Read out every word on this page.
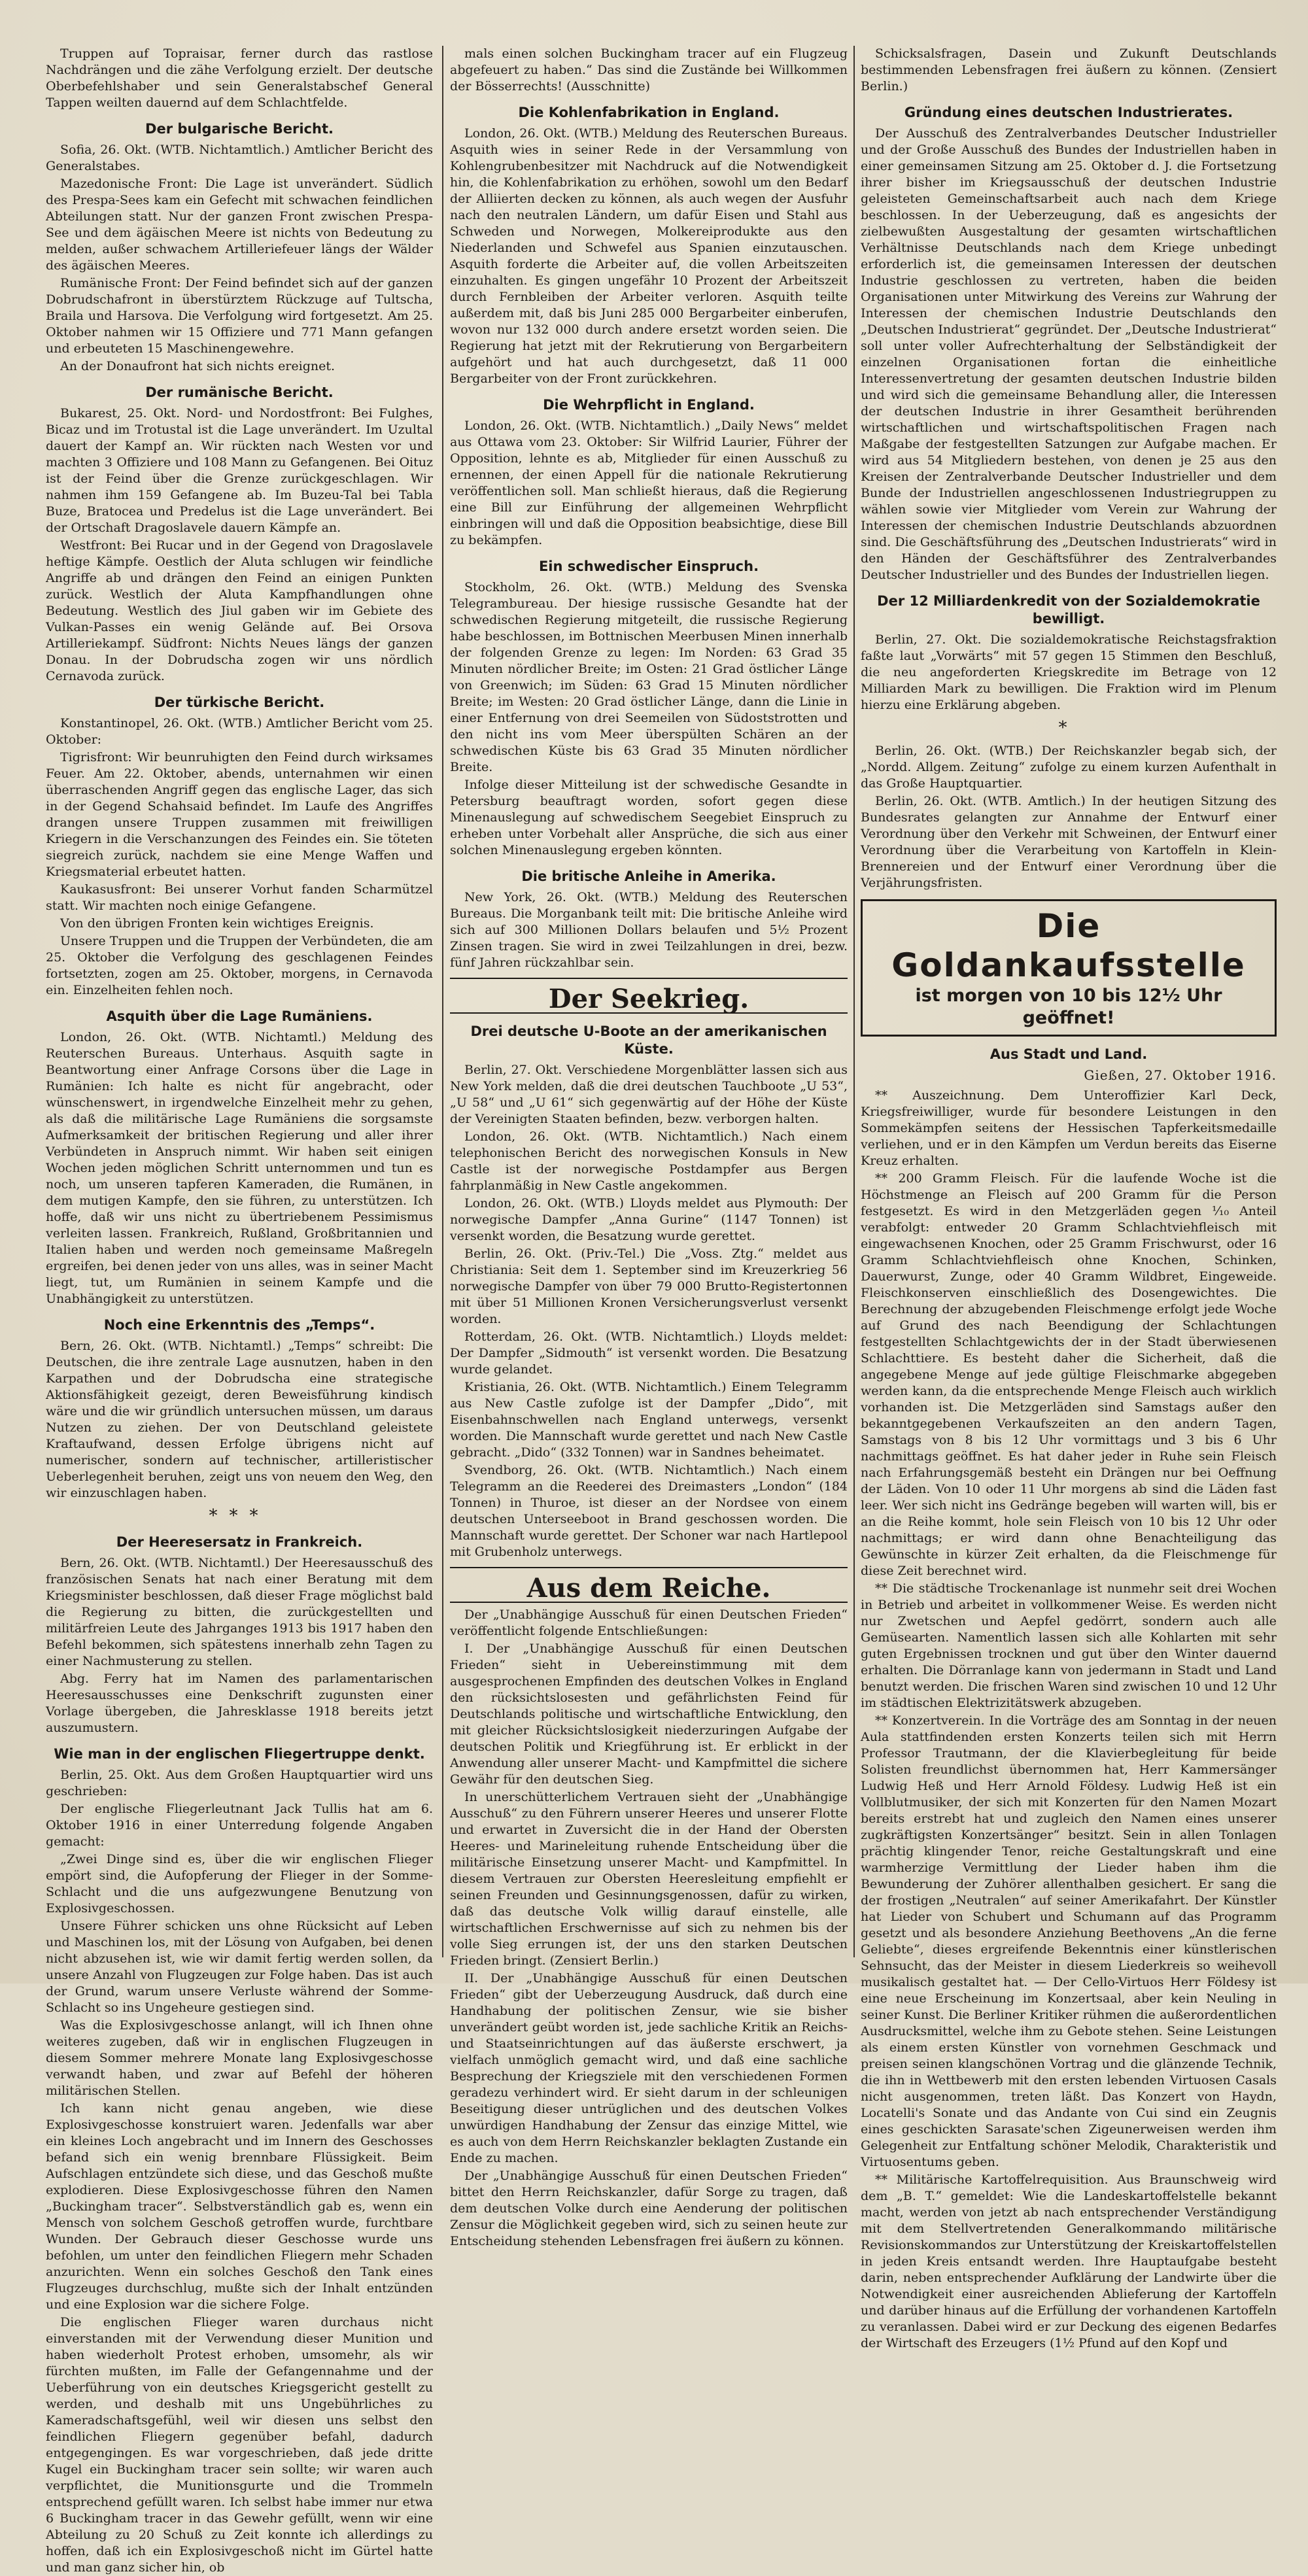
Truppen auf Topraisar, ferner durch das rastlose Nachdrängen und die zähe Verfolgung erzielt. Der deutsche Oberbefehlshaber und sein Generalstabschef General Tappen weilten dauernd auf dem Schlachtfelde.

Der bulgarische Bericht.

Sofia, 26. Okt. (WTB. Nichtamtlich.) Amtlicher Bericht des Generalstabes.

Mazedonische Front: Die Lage ist unverändert. Südlich des Prespa-Sees kam ein Gefecht mit schwachen feindlichen Abteilungen statt. Nur der ganzen Front zwischen Prespa-See und dem ägäischen Meere ist nichts von Bedeutung zu melden, außer schwachem Artilleriefeuer längs der Wälder des ägäischen Meeres.

Rumänische Front: Der Feind befindet sich auf der ganzen Dobrudschafront in überstürztem Rückzuge auf Tultscha, Braila und Harsova. Die Verfolgung wird fortgesetzt. Am 25. Oktober nahmen wir 15 Offiziere und 771 Mann gefangen und erbeuteten 15 Maschinengewehre.

An der Donaufront hat sich nichts ereignet.

Der rumänische Bericht.

Bukarest, 25. Okt. Nord- und Nordostfront: Bei Fulghes, Bicaz und im Trotustal ist die Lage unverändert. Im Uzultal dauert der Kampf an. Wir rückten nach Westen vor und machten 3 Offiziere und 108 Mann zu Gefangenen. Bei Oituz ist der Feind über die Grenze zurückgeschlagen. Wir nahmen ihm 159 Gefangene ab. Im Buzeu-Tal bei Tabla Buze, Bratocea und Predelus ist die Lage unverändert. Bei der Ortschaft Dragoslavele dauern Kämpfe an.

Westfront: Bei Rucar und in der Gegend von Dragoslavele heftige Kämpfe. Oestlich der Aluta schlugen wir feindliche Angriffe ab und drängen den Feind an einigen Punkten zurück. Westlich der Aluta Kampfhandlungen ohne Bedeutung. Westlich des Jiul gaben wir im Gebiete des Vulkan-Passes ein wenig Gelände auf. Bei Orsova Artilleriekampf. Südfront: Nichts Neues längs der ganzen Donau. In der Dobrudscha zogen wir uns nördlich Cernavoda zurück.

Der türkische Bericht.

Konstantinopel, 26. Okt. (WTB.) Amtlicher Bericht vom 25. Oktober:

Tigrisfront: Wir beunruhigten den Feind durch wirksames Feuer. Am 22. Oktober, abends, unternahmen wir einen überraschenden Angriff gegen das englische Lager, das sich in der Gegend Schahsaid befindet. Im Laufe des Angriffes drangen unsere Truppen zusammen mit freiwilligen Kriegern in die Verschanzungen des Feindes ein. Sie töteten siegreich zurück, nachdem sie eine Menge Waffen und Kriegsmaterial erbeutet hatten.

Kaukasusfront: Bei unserer Vorhut fanden Scharmützel statt. Wir machten noch einige Gefangene.

Von den übrigen Fronten kein wichtiges Ereignis.

Unsere Truppen und die Truppen der Verbündeten, die am 25. Oktober die Verfolgung des geschlagenen Feindes fortsetzten, zogen am 25. Oktober, morgens, in Cernavoda ein. Einzelheiten fehlen noch.

Asquith über die Lage Rumäniens.

London, 26. Okt. (WTB. Nichtamtl.) Meldung des Reuterschen Bureaus. Unterhaus. Asquith sagte in Beantwortung einer Anfrage Corsons über die Lage in Rumänien: Ich halte es nicht für angebracht, oder wünschenswert, in irgendwelche Einzelheit mehr zu gehen, als daß die militärische Lage Rumäniens die sorgsamste Aufmerksamkeit der britischen Regierung und aller ihrer Verbündeten in Anspruch nimmt. Wir haben seit einigen Wochen jeden möglichen Schritt unternommen und tun es noch, um unseren tapferen Kameraden, die Rumänen, in dem mutigen Kampfe, den sie führen, zu unterstützen. Ich hoffe, daß wir uns nicht zu übertriebenem Pessimismus verleiten lassen. Frankreich, Rußland, Großbritannien und Italien haben und werden noch gemeinsame Maßregeln ergreifen, bei denen jeder von uns alles, was in seiner Macht liegt, tut, um Rumänien in seinem Kampfe und die Unabhängigkeit zu unterstützen.

Noch eine Erkenntnis des „Temps“.

Bern, 26. Okt. (WTB. Nichtamtl.) „Temps“ schreibt: Die Deutschen, die ihre zentrale Lage ausnutzen, haben in den Karpathen und der Dobrudscha eine strategische Aktionsfähigkeit gezeigt, deren Beweisführung kindisch wäre und die wir gründlich untersuchen müssen, um daraus Nutzen zu ziehen. Der von Deutschland geleistete Kraftaufwand, dessen Erfolge übrigens nicht auf numerischer, sondern auf technischer, artilleristischer Ueberlegenheit beruhen, zeigt uns von neuem den Weg, den wir einzuschlagen haben.

***
Der Heeresersatz in Frankreich.

Bern, 26. Okt. (WTB. Nichtamtl.) Der Heeresausschuß des französischen Senats hat nach einer Beratung mit dem Kriegsminister beschlossen, daß dieser Frage möglichst bald die Regierung zu bitten, die zurückgestellten und militärfreien Leute des Jahrganges 1913 bis 1917 haben den Befehl bekommen, sich spätestens innerhalb zehn Tagen zu einer Nachmusterung zu stellen.

Abg. Ferry hat im Namen des parlamentarischen Heeresausschusses eine Denkschrift zugunsten einer Vorlage übergeben, die Jahresklasse 1918 bereits jetzt auszumustern.

Wie man in der englischen Fliegertruppe denkt.

Berlin, 25. Okt. Aus dem Großen Hauptquartier wird uns geschrieben:

Der englische Fliegerleutnant Jack Tullis hat am 6. Oktober 1916 in einer Unterredung folgende Angaben gemacht:

„Zwei Dinge sind es, über die wir englischen Flieger empört sind, die Aufopferung der Flieger in der Somme-Schlacht und die uns aufgezwungene Benutzung von Explosivgeschossen.

Unsere Führer schicken uns ohne Rücksicht auf Leben und Maschinen los, mit der Lösung von Aufgaben, bei denen nicht abzusehen ist, wie wir damit fertig werden sollen, da unsere Anzahl von Flugzeugen zur Folge haben. Das ist auch der Grund, warum unsere Verluste während der Somme-Schlacht so ins Ungeheure gestiegen sind.

Was die Explosivgeschosse anlangt, will ich Ihnen ohne weiteres zugeben, daß wir in englischen Flugzeugen in diesem Sommer mehrere Monate lang Explosivgeschosse verwandt haben, und zwar auf Befehl der höheren militärischen Stellen.

Ich kann nicht genau angeben, wie diese Explosivgeschosse konstruiert waren. Jedenfalls war aber ein kleines Loch angebracht und im Innern des Geschosses befand sich ein wenig brennbare Flüssigkeit. Beim Aufschlagen entzündete sich diese, und das Geschoß mußte explodieren. Diese Explosivgeschosse führen den Namen „Buckingham tracer“. Selbstverständlich gab es, wenn ein Mensch von solchem Geschoß getroffen wurde, furchtbare Wunden. Der Gebrauch dieser Geschosse wurde uns befohlen, um unter den feindlichen Fliegern mehr Schaden anzurichten. Wenn ein solches Geschoß den Tank eines Flugzeuges durchschlug, mußte sich der Inhalt entzünden und eine Explosion war die sichere Folge.

Die englischen Flieger waren durchaus nicht einverstanden mit der Verwendung dieser Munition und haben wiederholt Protest erhoben, umsomehr, als wir fürchten mußten, im Falle der Gefangennahme und der Ueberführung von ein deutsches Kriegsgericht gestellt zu werden, und deshalb mit uns Ungebührliches zu Kameradschaftsgefühl, weil wir diesen uns selbst den feindlichen Fliegern gegenüber befahl, dadurch entgegengingen. Es war vorgeschrieben, daß jede dritte Kugel ein Buckingham tracer sein sollte; wir waren auch verpflichtet, die Munitionsgurte und die Trommeln entsprechend gefüllt waren. Ich selbst habe immer nur etwa 6 Buckingham tracer in das Gewehr gefüllt, wenn wir eine Abteilung zu 20 Schuß zu Zeit konnte ich allerdings zu hoffen, daß ich ein Explosivgeschoß nicht im Gürtel hatte und man ganz sicher hin, ob

mals einen solchen Buckingham tracer auf ein Flugzeug abgefeuert zu haben.“ Das sind die Zustände bei Willkommen der Bösserrechts! (Ausschnitte)

Die Kohlenfabrikation in England.

London, 26. Okt. (WTB.) Meldung des Reuterschen Bureaus. Asquith wies in seiner Rede in der Versammlung von Kohlengrubenbesitzer mit Nachdruck auf die Notwendigkeit hin, die Kohlenfabrikation zu erhöhen, sowohl um den Bedarf der Alliierten decken zu können, als auch wegen der Ausfuhr nach den neutralen Ländern, um dafür Eisen und Stahl aus Schweden und Norwegen, Molkereiprodukte aus den Niederlanden und Schwefel aus Spanien einzutauschen. Asquith forderte die Arbeiter auf, die vollen Arbeitszeiten einzuhalten. Es gingen ungefähr 10 Prozent der Arbeitszeit durch Fernbleiben der Arbeiter verloren. Asquith teilte außerdem mit, daß bis Juni 285 000 Bergarbeiter einberufen, wovon nur 132 000 durch andere ersetzt worden seien. Die Regierung hat jetzt mit der Rekrutierung von Bergarbeitern aufgehört und hat auch durchgesetzt, daß 11 000 Bergarbeiter von der Front zurückkehren.

Die Wehrpflicht in England.

London, 26. Okt. (WTB. Nichtamtlich.) „Daily News“ meldet aus Ottawa vom 23. Oktober: Sir Wilfrid Laurier, Führer der Opposition, lehnte es ab, Mitglieder für einen Ausschuß zu ernennen, der einen Appell für die nationale Rekrutierung veröffentlichen soll. Man schließt hieraus, daß die Regierung eine Bill zur Einführung der allgemeinen Wehrpflicht einbringen will und daß die Opposition beabsichtige, diese Bill zu bekämpfen.

Ein schwedischer Einspruch.

Stockholm, 26. Okt. (WTB.) Meldung des Svenska Telegrambureau. Der hiesige russische Gesandte hat der schwedischen Regierung mitgeteilt, die russische Regierung habe beschlossen, im Bottnischen Meerbusen Minen innerhalb der folgenden Grenze zu legen: Im Norden: 63 Grad 35 Minuten nördlicher Breite; im Osten: 21 Grad östlicher Länge von Greenwich; im Süden: 63 Grad 15 Minuten nördlicher Breite; im Westen: 20 Grad östlicher Länge, dann die Linie in einer Entfernung von drei Seemeilen von Südoststrotten und den nicht ins vom Meer überspülten Schären an der schwedischen Küste bis 63 Grad 35 Minuten nördlicher Breite.

Infolge dieser Mitteilung ist der schwedische Gesandte in Petersburg beauftragt worden, sofort gegen diese Minenauslegung auf schwedischem Seegebiet Einspruch zu erheben unter Vorbehalt aller Ansprüche, die sich aus einer solchen Minenauslegung ergeben könnten.

Die britische Anleihe in Amerika.

New York, 26. Okt. (WTB.) Meldung des Reuterschen Bureaus. Die Morganbank teilt mit: Die britische Anleihe wird sich auf 300 Millionen Dollars belaufen und 5½ Prozent Zinsen tragen. Sie wird in zwei Teilzahlungen in drei, bezw. fünf Jahren rückzahlbar sein.

Der Seekrieg.
Drei deutsche U-Boote an der amerikanischen Küste.

Berlin, 27. Okt. Verschiedene Morgenblätter lassen sich aus New York melden, daß die drei deutschen Tauchboote „U 53“, „U 58“ und „U 61“ sich gegenwärtig auf der Höhe der Küste der Vereinigten Staaten befinden, bezw. verborgen halten.

London, 26. Okt. (WTB. Nichtamtlich.) Nach einem telephonischen Bericht des norwegischen Konsuls in New Castle ist der norwegische Postdampfer aus Bergen fahrplanmäßig in New Castle angekommen.

London, 26. Okt. (WTB.) Lloyds meldet aus Plymouth: Der norwegische Dampfer „Anna Gurine“ (1147 Tonnen) ist versenkt worden, die Besatzung wurde gerettet.

Berlin, 26. Okt. (Priv.-Tel.) Die „Voss. Ztg.“ meldet aus Christiania: Seit dem 1. September sind im Kreuzerkrieg 56 norwegische Dampfer von über 79 000 Brutto-Registertonnen mit über 51 Millionen Kronen Versicherungsverlust versenkt worden.

Rotterdam, 26. Okt. (WTB. Nichtamtlich.) Lloyds meldet: Der Dampfer „Sidmouth“ ist versenkt worden. Die Besatzung wurde gelandet.

Kristiania, 26. Okt. (WTB. Nichtamtlich.) Einem Telegramm aus New Castle zufolge ist der Dampfer „Dido“, mit Eisenbahnschwellen nach England unterwegs, versenkt worden. Die Mannschaft wurde gerettet und nach New Castle gebracht. „Dido“ (332 Tonnen) war in Sandnes beheimatet.

Svendborg, 26. Okt. (WTB. Nichtamtlich.) Nach einem Telegramm an die Reederei des Dreimasters „London“ (184 Tonnen) in Thuroe, ist dieser an der Nordsee von einem deutschen Unterseeboot in Brand geschossen worden. Die Mannschaft wurde gerettet. Der Schoner war nach Hartlepool mit Grubenholz unterwegs.

Aus dem Reiche.

Der „Unabhängige Ausschuß für einen Deutschen Frieden“ veröffentlicht folgende Entschließungen:

I. Der „Unabhängige Ausschuß für einen Deutschen Frieden“ sieht in Uebereinstimmung mit dem ausgesprochenen Empfinden des deutschen Volkes in England den rücksichtslosesten und gefährlichsten Feind für Deutschlands politische und wirtschaftliche Entwicklung, den mit gleicher Rücksichtslosigkeit niederzuringen Aufgabe der deutschen Politik und Kriegführung ist. Er erblickt in der Anwendung aller unserer Macht- und Kampfmittel die sichere Gewähr für den deutschen Sieg.

In unerschütterlichem Vertrauen sieht der „Unabhängige Ausschuß“ zu den Führern unserer Heeres und unserer Flotte und erwartet in Zuversicht die in der Hand der Obersten Heeres- und Marineleitung ruhende Entscheidung über die militärische Einsetzung unserer Macht- und Kampfmittel. In diesem Vertrauen zur Obersten Heeresleitung empfiehlt er seinen Freunden und Gesinnungsgenossen, dafür zu wirken, daß das deutsche Volk willig darauf einstelle, alle wirtschaftlichen Erschwernisse auf sich zu nehmen bis der volle Sieg errungen ist, der uns den starken Deutschen Frieden bringt. (Zensiert Berlin.)

II. Der „Unabhängige Ausschuß für einen Deutschen Frieden“ gibt der Ueberzeugung Ausdruck, daß durch eine Handhabung der politischen Zensur, wie sie bisher unverändert geübt worden ist, jede sachliche Kritik an Reichs- und Staatseinrichtungen auf das äußerste erschwert, ja vielfach unmöglich gemacht wird, und daß eine sachliche Besprechung der Kriegsziele mit den verschiedenen Formen geradezu verhindert wird. Er sieht darum in der schleunigen Beseitigung dieser untrüglichen und des deutschen Volkes unwürdigen Handhabung der Zensur das einzige Mittel, wie es auch von dem Herrn Reichskanzler beklagten Zustande ein Ende zu machen.

Der „Unabhängige Ausschuß für einen Deutschen Frieden“ bittet den Herrn Reichskanzler, dafür Sorge zu tragen, daß dem deutschen Volke durch eine Aenderung der politischen Zensur die Möglichkeit gegeben wird, sich zu seinen heute zur Entscheidung stehenden Lebensfragen frei äußern zu können.

Schicksalsfragen, Dasein und Zukunft Deutschlands bestimmenden Lebensfragen frei äußern zu können. (Zensiert Berlin.)

Gründung eines deutschen Industrierates.

Der Ausschuß des Zentralverbandes Deutscher Industrieller und der Große Ausschuß des Bundes der Industriellen haben in einer gemeinsamen Sitzung am 25. Oktober d. J. die Fortsetzung ihrer bisher im Kriegsausschuß der deutschen Industrie geleisteten Gemeinschaftsarbeit auch nach dem Kriege beschlossen. In der Ueberzeugung, daß es angesichts der zielbewußten Ausgestaltung der gesamten wirtschaftlichen Verhältnisse Deutschlands nach dem Kriege unbedingt erforderlich ist, die gemeinsamen Interessen der deutschen Industrie geschlossen zu vertreten, haben die beiden Organisationen unter Mitwirkung des Vereins zur Wahrung der Interessen der chemischen Industrie Deutschlands den „Deutschen Industrierat“ gegründet. Der „Deutsche Industrierat“ soll unter voller Aufrechterhaltung der Selbständigkeit der einzelnen Organisationen fortan die einheitliche Interessenvertretung der gesamten deutschen Industrie bilden und wird sich die gemeinsame Behandlung aller, die Interessen der deutschen Industrie in ihrer Gesamtheit berührenden wirtschaftlichen und wirtschaftspolitischen Fragen nach Maßgabe der festgestellten Satzungen zur Aufgabe machen. Er wird aus 54 Mitgliedern bestehen, von denen je 25 aus den Kreisen der Zentralverbande Deutscher Industrieller und dem Bunde der Industriellen angeschlossenen Industriegruppen zu wählen sowie vier Mitglieder vom Verein zur Wahrung der Interessen der chemischen Industrie Deutschlands abzuordnen sind. Die Geschäftsführung des „Deutschen Industrierats“ wird in den Händen der Geschäftsführer des Zentralverbandes Deutscher Industrieller und des Bundes der Industriellen liegen.

Der 12 Milliardenkredit von der Sozialdemokratie bewilligt.

Berlin, 27. Okt. Die sozialdemokratische Reichstagsfraktion faßte laut „Vorwärts“ mit 57 gegen 15 Stimmen den Beschluß, die neu angeforderten Kriegskredite im Betrage von 12 Milliarden Mark zu bewilligen. Die Fraktion wird im Plenum hierzu eine Erklärung abgeben.

*

Berlin, 26. Okt. (WTB.) Der Reichskanzler begab sich, der „Nordd. Allgem. Zeitung“ zufolge zu einem kurzen Aufenthalt in das Große Hauptquartier.

Berlin, 26. Okt. (WTB. Amtlich.) In der heutigen Sitzung des Bundesrates gelangten zur Annahme der Entwurf einer Verordnung über den Verkehr mit Schweinen, der Entwurf einer Verordnung über die Verarbeitung von Kartoffeln in Klein-Brennereien und der Entwurf einer Verordnung über die Verjährungsfristen.

Die Goldankaufsstelle
ist morgen von 10 bis 12½ Uhr geöffnet!
Aus Stadt und Land.
Gießen, 27. Oktober 1916.

** Auszeichnung. Dem Unteroffizier Karl Deck, Kriegsfreiwilliger, wurde für besondere Leistungen in den Sommekämpfen seitens der Hessischen Tapferkeitsmedaille verliehen, und er in den Kämpfen um Verdun bereits das Eiserne Kreuz erhalten.

** 200 Gramm Fleisch. Für die laufende Woche ist die Höchstmenge an Fleisch auf 200 Gramm für die Person festgesetzt. Es wird in den Metzgerläden gegen ¹⁄₁₀ Anteil verabfolgt: entweder 20 Gramm Schlachtviehfleisch mit eingewachsenen Knochen, oder 25 Gramm Frischwurst, oder 16 Gramm Schlachtviehfleisch ohne Knochen, Schinken, Dauerwurst, Zunge, oder 40 Gramm Wildbret, Eingeweide. Fleischkonserven einschließlich des Dosengewichtes. Die Berechnung der abzugebenden Fleischmenge erfolgt jede Woche auf Grund des nach Beendigung der Schlachtungen festgestellten Schlachtgewichts der in der Stadt überwiesenen Schlachttiere. Es besteht daher die Sicherheit, daß die angegebene Menge auf jede gültige Fleischmarke abgegeben werden kann, da die entsprechende Menge Fleisch auch wirklich vorhanden ist. Die Metzgerläden sind Samstags außer den bekanntgegebenen Verkaufszeiten an den andern Tagen, Samstags von 8 bis 12 Uhr vormittags und 3 bis 6 Uhr nachmittags geöffnet. Es hat daher jeder in Ruhe sein Fleisch nach Erfahrungsgemäß besteht ein Drängen nur bei Oeffnung der Läden. Von 10 oder 11 Uhr morgens ab sind die Läden fast leer. Wer sich nicht ins Gedränge begeben will warten will, bis er an die Reihe kommt, hole sein Fleisch von 10 bis 12 Uhr oder nachmittags; er wird dann ohne Benachteiligung das Gewünschte in kürzer Zeit erhalten, da die Fleischmenge für diese Zeit berechnet wird.

** Die städtische Trockenanlage ist nunmehr seit drei Wochen in Betrieb und arbeitet in vollkommener Weise. Es werden nicht nur Zwetschen und Aepfel gedörrt, sondern auch alle Gemüsearten. Namentlich lassen sich alle Kohlarten mit sehr guten Ergebnissen trocknen und gut über den Winter dauernd erhalten. Die Dörranlage kann von jedermann in Stadt und Land benutzt werden. Die frischen Waren sind zwischen 10 und 12 Uhr im städtischen Elektrizitätswerk abzugeben.

** Konzertverein. In die Vorträge des am Sonntag in der neuen Aula stattfindenden ersten Konzerts teilen sich mit Herrn Professor Trautmann, der die Klavierbegleitung für beide Solisten freundlichst übernommen hat, Herr Kammersänger Ludwig Heß und Herr Arnold Földesy. Ludwig Heß ist ein Vollblutmusiker, der sich mit Konzerten für den Namen Mozart bereits erstrebt hat und zugleich den Namen eines unserer zugkräftigsten Konzertsänger“ besitzt. Sein in allen Tonlagen prächtig klingender Tenor, reiche Gestaltungskraft und eine warmherzige Vermittlung der Lieder haben ihm die Bewunderung der Zuhörer allenthalben gesichert. Er sang die der frostigen „Neutralen“ auf seiner Amerikafahrt. Der Künstler hat Lieder von Schubert und Schumann auf das Programm gesetzt und als besondere Anziehung Beethovens „An die ferne Geliebte“, dieses ergreifende Bekenntnis einer künstlerischen Sehnsucht, das der Meister in diesem Liederkreis so weihevoll musikalisch gestaltet hat. — Der Cello-Virtuos Herr Földesy ist eine neue Erscheinung im Konzertsaal, aber kein Neuling in seiner Kunst. Die Berliner Kritiker rühmen die außerordentlichen Ausdrucksmittel, welche ihm zu Gebote stehen. Seine Leistungen als einem ersten Künstler von vornehmen Geschmack und preisen seinen klangschönen Vortrag und die glänzende Technik, die ihn in Wettbewerb mit den ersten lebenden Virtuosen Casals nicht ausgenommen, treten läßt. Das Konzert von Haydn, Locatelli's Sonate und das Andante von Cui sind ein Zeugnis eines geschickten Sarasate'schen Zigeunerweisen werden ihm Gelegenheit zur Entfaltung schöner Melodik, Charakteristik und Virtuosentums geben.

** Militärische Kartoffelrequisition. Aus Braunschweig wird dem „B. T.“ gemeldet: Wie die Landeskartoffelstelle bekannt macht, werden von jetzt ab nach entsprechender Verständigung mit dem Stellvertretenden Generalkommando militärische Revisionskommandos zur Unterstützung der Kreiskartoffelstellen in jeden Kreis entsandt werden. Ihre Hauptaufgabe besteht darin, neben entsprechender Aufklärung der Landwirte über die Notwendigkeit einer ausreichenden Ablieferung der Kartoffeln und darüber hinaus auf die Erfüllung der vorhandenen Kartoffeln zu veranlassen. Dabei wird er zur Deckung des eigenen Bedarfes der Wirtschaft des Erzeugers (1½ Pfund auf den Kopf und
